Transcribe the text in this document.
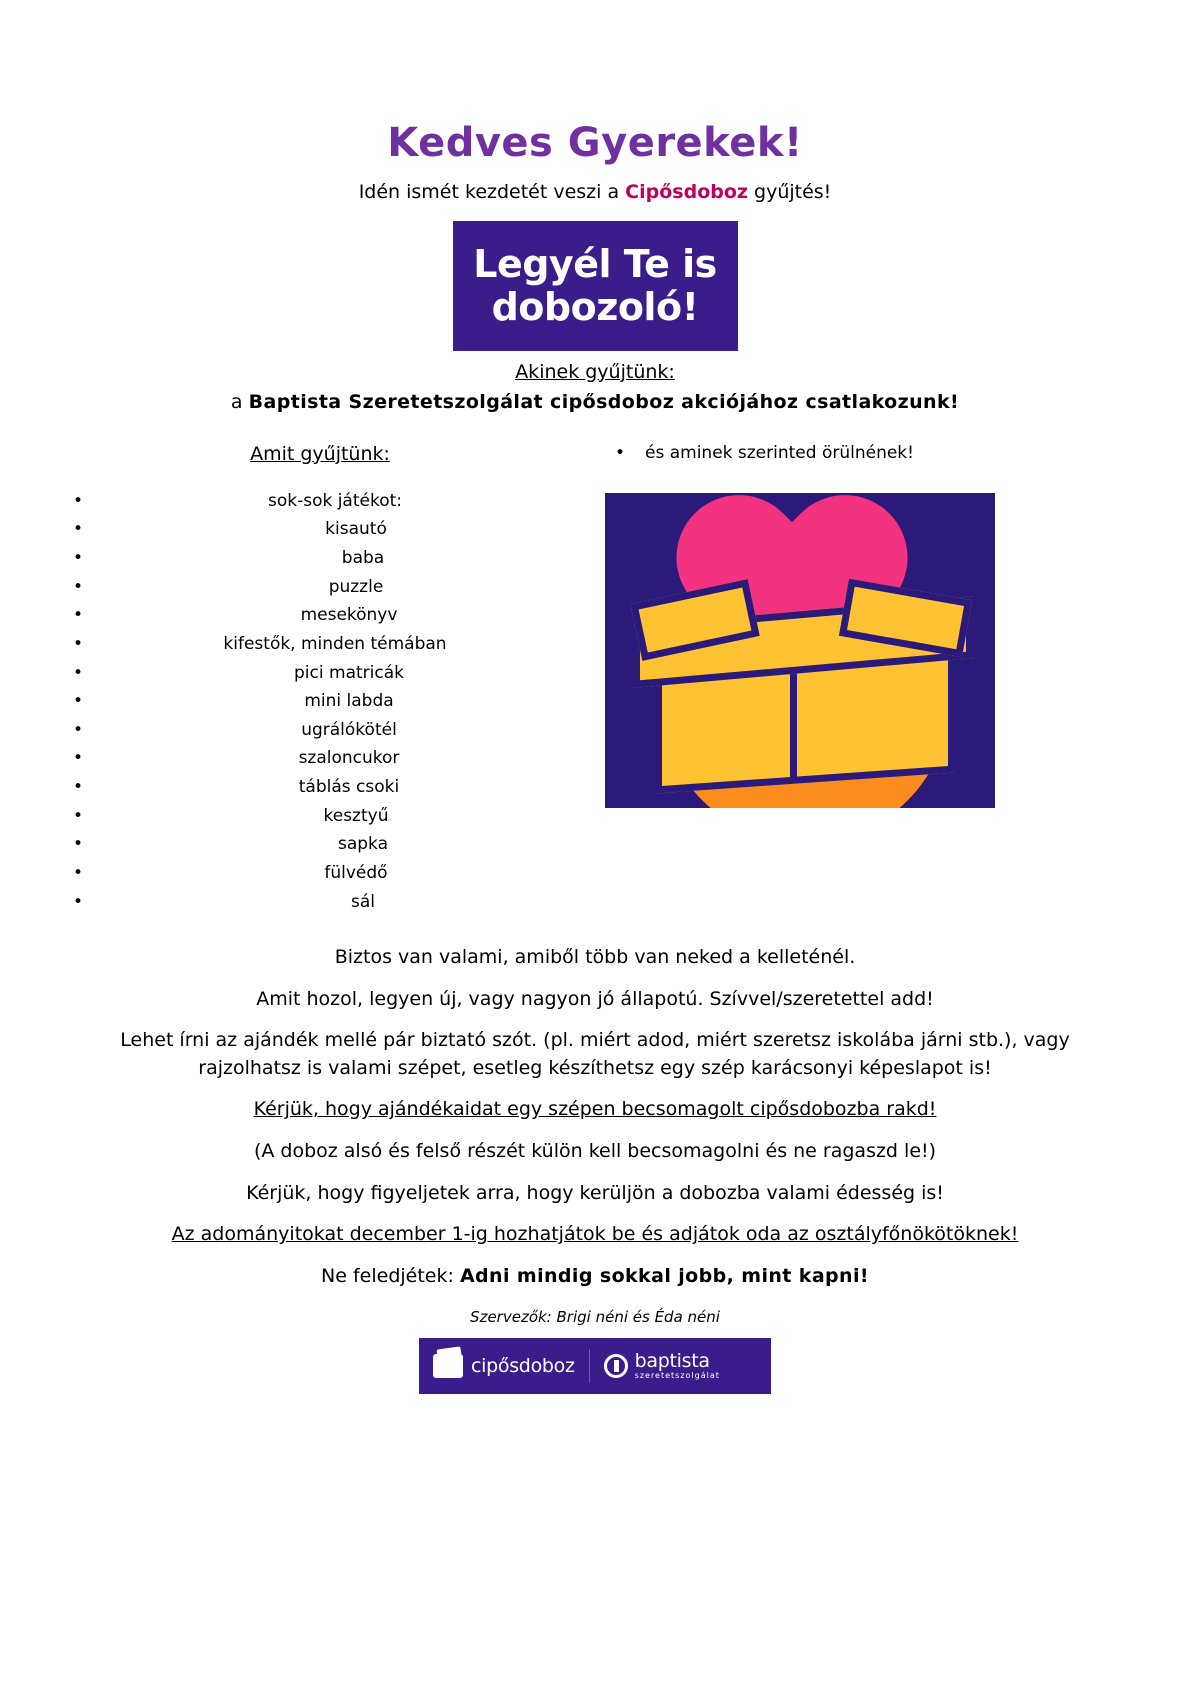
Kedves Gyerekek!

Idén ismét kezdetét veszi a Cipősdoboz gyűjtés!

Legyél Te is
dobozoló!

Akinek gyűjtünk:

a Baptista Szeretetszolgálat cipősdoboz akciójához csatlakozunk!

Amit gyűjtünk:

•	sok-sok játékot:
•	kisautó
•	baba
•	puzzle
•	mesekönyv
•	kifestők, minden témában
•	pici matricák
•	mini labda
•	ugrálókötél
•	szaloncukor
•	táblás csoki
•	kesztyű
•	sapka
•	fülvédő
•	sál

• és aminek szerinted örülnének!

Biztos van valami, amiből több van neked a kelleténél.

Amit hozol, legyen új, vagy nagyon jó állapotú. Szívvel/szeretettel add!

Lehet írni az ajándék mellé pár biztató szót. (pl. miért adod, miért szeretsz iskolába járni stb.), vagy rajzolhatsz is valami szépet, esetleg készíthetsz egy szép karácsonyi képeslapot is!

Kérjük, hogy ajándékaidat egy szépen becsomagolt cipősdobozba rakd!

(A doboz alsó és felső részét külön kell becsomagolni és ne ragaszd le!)

Kérjük, hogy figyeljetek arra, hogy kerüljön a dobozba valami édesség is!

Az adományitokat december 1-ig hozhatjátok be és adjátok oda az osztályfőnökötöknek!

Ne feledjétek: Adni mindig sokkal jobb, mint kapni!

Szervezők: Brigi néni és Éda néni

cipősdoboz	baptista
szeretetszolgálat
